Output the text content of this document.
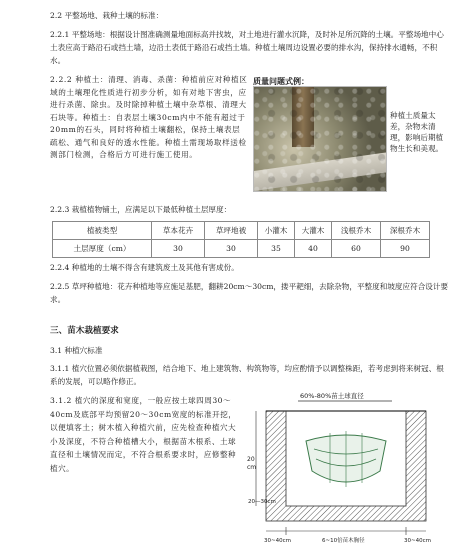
2.2 平整场地、栽种土壤的标准：
2.2.1 平整场地：根据设计图准确测量地面标高并找坡，对土地进行灌水沉降，及时补足所沉降的土壤。平整场地中心土表应高于路沿石或挡土墙，边沿土表低于路沿石或挡土墙。种植土壤周边设置必要的排水沟，保持排水通畅，不积水。
2.2.2 种植土：清理、消毒、杀菌：种植前应对种植区域的土壤理化性质进行初步分析，如有对地下害虫，应进行杀菌、除虫。及时除掉种植土壤中杂草根、清理大石块等。种植土：自表层土壤30cm内中不能有超过于20mm的石头，同时将种植土壤翻松，保持土壤表层疏松、通气和良好的透水性能。种植土需现场取样送检测部门检测，合格后方可进行施工使用。
质量问题式例：
种植土质量太差，杂物未清理，影响后期植物生长和美观。
2.2.3 栽植植物铺土，应满足以下最低种植土层厚度：
植被类型	草本花卉	草坪地被	小灌木	大灌木	浅根乔木	深根乔木
土层厚度（cm）	30	30	35	40	60	90
2.2.4 种植地的土壤不得含有建筑废土及其他有害成份。
2.2.5 草坪种植地：花卉种植地等应施足基肥，翻耕20cm～30cm，搂平耙细，去除杂物，平整度和坡度应符合设计要求。
三、苗木栽植要求
3.1 种植穴标准
3.1.1 植穴位置必须依据植栽图，结合地下、地上建筑物、构筑物等，均应酌情予以调整株距，若考虑到将来树冠、根系的发展，可以略作修正。
3.1.2 植穴的深度和宽度，一般应按土球四周30～40cm及底部平均预留20～30cm宽度的标准开挖，以便填客土；树木植入种植穴前，应先检查种植穴大小及深度，不符合种植槽大小，根据苗木根系、土球直径和土壤情况而定，不符合根系要求时，应修整种植穴。
60%-80%苗土球直径
20
cm
20—30cm
30~40cm	6~10倍苗木胸径	30~40cm
